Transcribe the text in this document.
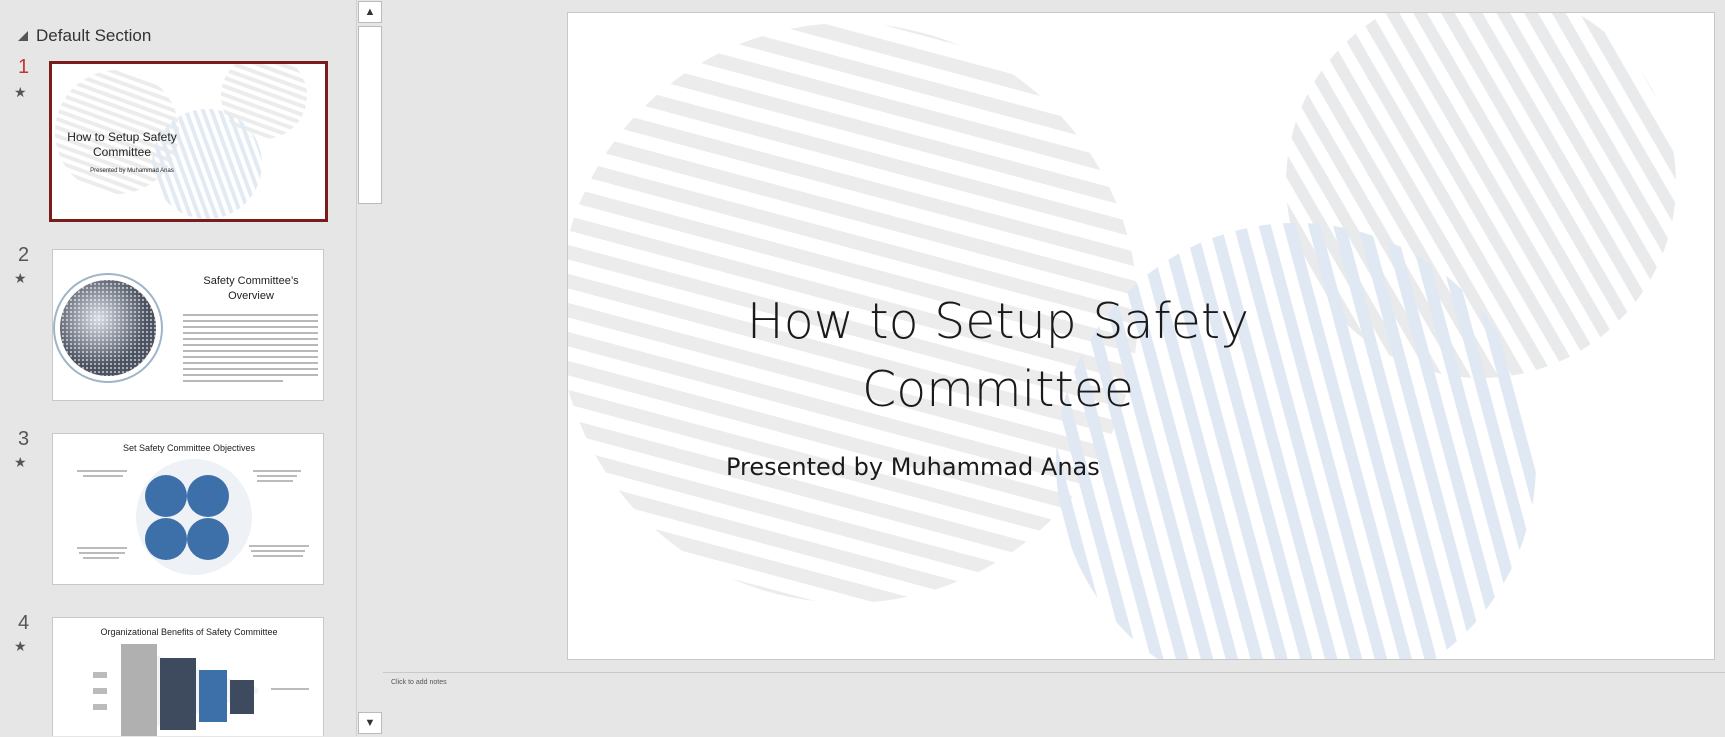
Default Section
1
★
How to Setup Safety Committee
Presented by Muhammad Anas
2
★	Safety Committee’s Overview
3
★
Set Safety Committee Objectives
4
★
Organizational Benefits of Safety Committee
▲
▼
How to Setup Safety
Committee
Presented by Muhammad Anas
Click to add notes
